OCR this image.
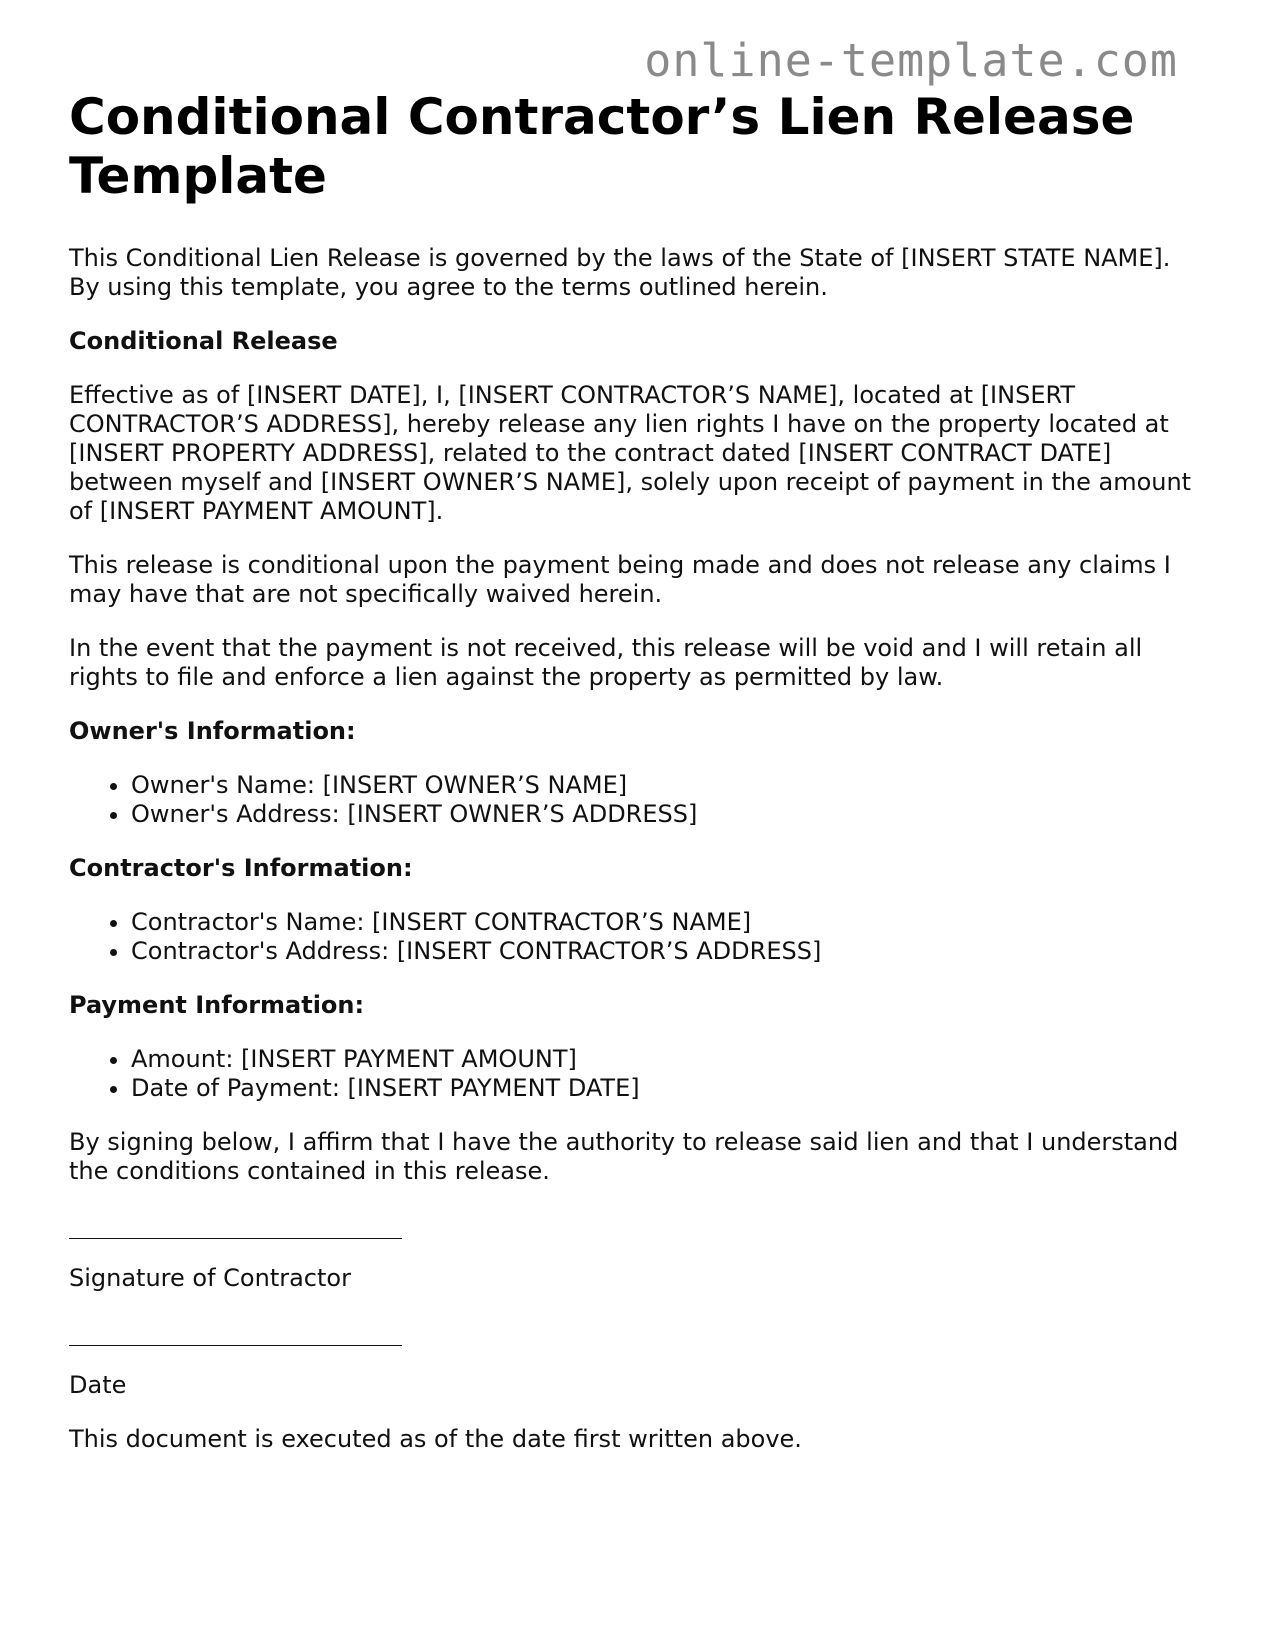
online-template.com
Conditional Contractor’s Lien Release Template

This Conditional Lien Release is governed by the laws of the State of [INSERT STATE NAME]. By using this template, you agree to the terms outlined herein.

Conditional Release

Effective as of [INSERT DATE], I, [INSERT CONTRACTOR’S NAME], located at [INSERT CONTRACTOR’S ADDRESS], hereby release any lien rights I have on the property located at [INSERT PROPERTY ADDRESS], related to the contract dated [INSERT CONTRACT DATE] between myself and [INSERT OWNER’S NAME], solely upon receipt of payment in the amount of [INSERT PAYMENT AMOUNT].

This release is conditional upon the payment being made and does not release any claims I may have that are not specifically waived herein.

In the event that the payment is not received, this release will be void and I will retain all rights to file and enforce a lien against the property as permitted by law.

Owner's Information:

• Owner's Name: [INSERT OWNER’S NAME]
• Owner's Address: [INSERT OWNER’S ADDRESS]

Contractor's Information:

• Contractor's Name: [INSERT CONTRACTOR’S NAME]
• Contractor's Address: [INSERT CONTRACTOR’S ADDRESS]

Payment Information:

• Amount: [INSERT PAYMENT AMOUNT]
• Date of Payment: [INSERT PAYMENT DATE]

By signing below, I affirm that I have the authority to release said lien and that I understand the conditions contained in this release.

Signature of Contractor

Date

This document is executed as of the date first written above.
